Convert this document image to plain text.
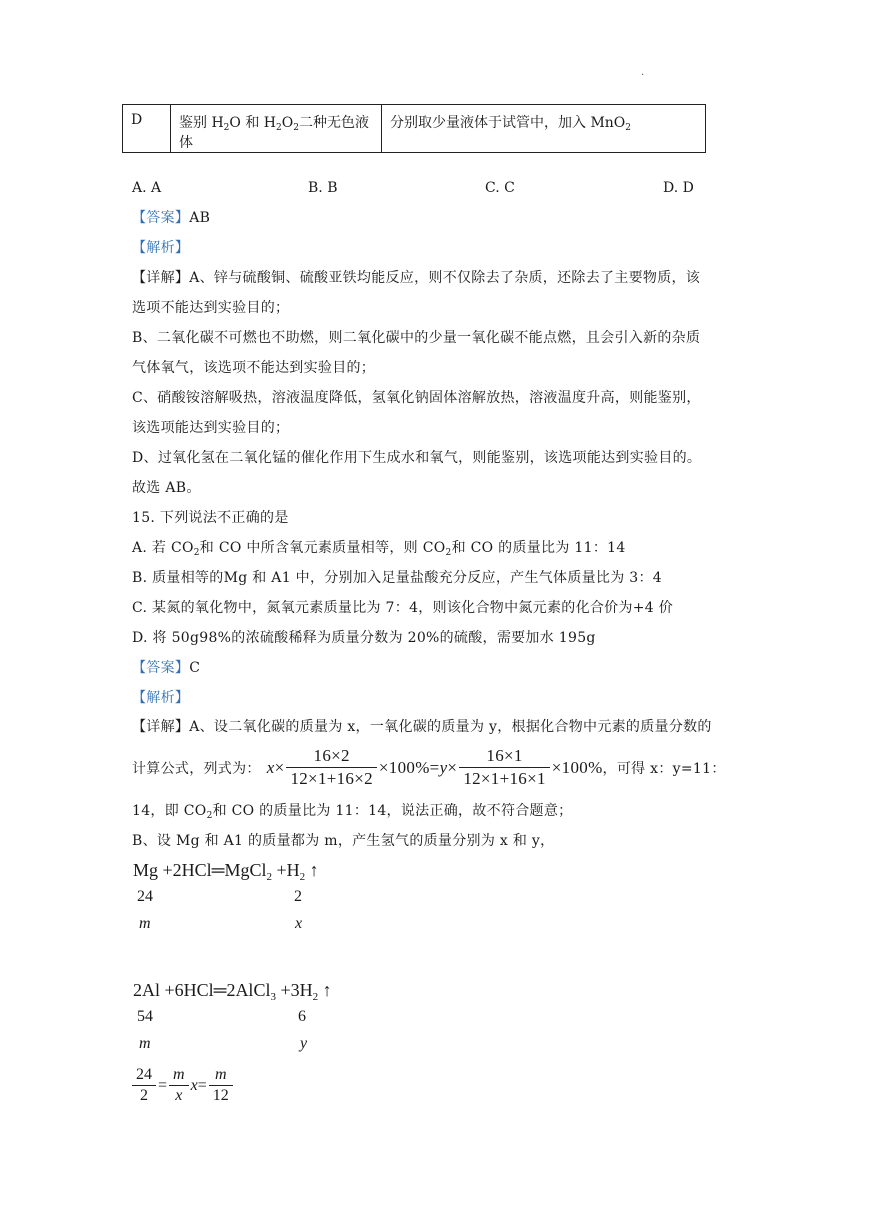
·
D	鉴别 $H_2O$ 和 $H_2O_2$二种无色液体	分别取少量液体于试管中，加入 MnO$_2$
A. A	B. B	C. C	D. D
【答案】AB
【解析】
【详解】A、锌与硫酸铜、硫酸亚铁均能反应，则不仅除去了杂质，还除去了主要物质，该
选项不能达到实验目的；
B、二氧化碳不可燃也不助燃，则二氧化碳中的少量一氧化碳不能点燃，且会引入新的杂质
气体氧气，该选项不能达到实验目的；
C、硝酸铵溶解吸热，溶液温度降低，氢氧化钠固体溶解放热，溶液温度升高，则能鉴别，
该选项能达到实验目的；
D、过氧化氢在二氧化锰的催化作用下生成水和氧气，则能鉴别，该选项能达到实验目的。
故选 AB。
15. 下列说法不正确的是
A. 若 $CO_2$和 CO 中所含氧元素质量相等，则 $CO_2$和 CO 的质量比为 11：14
B. 质量相等的Mg 和 A1 中，分别加入足量盐酸充分反应，产生气体质量比为 3：4
C. 某氮的氧化物中，氮氧元素质量比为 7：4，则该化合物中氮元素的化合价为+4 价
D. 将 50g98%的浓硫酸稀释为质量分数为 20%的硫酸，需要加水 195g
【答案】C
【解析】
【详解】A、设二氧化碳的质量为 x，一氧化碳的质量为 y，根据化合物中元素的质量分数的
计算公式，列式为： $x \times \frac{16\times 2}{12\times 1+16\times 2} \times 100\% = y \times \frac{16\times 1}{12\times 1+16\times 1} \times 100\%$ ，可得 x：y=11：
14，即 $CO_2$和 CO 的质量比为 11：14，说法正确，故不符合题意；
B、设 Mg 和 A1 的质量都为 m，产生氢气的质量分别为 x 和 y，
Mg +2HCl═MgCl$_2$ $+H_2$ ↑
24	2
m	x
2Al +6HCl═2AlCl$_3$ $+3H_2$ ↑
54	6
m	y
$\frac{24}{2} = \frac{m}{x}$ $x = \frac{m}{12}$
